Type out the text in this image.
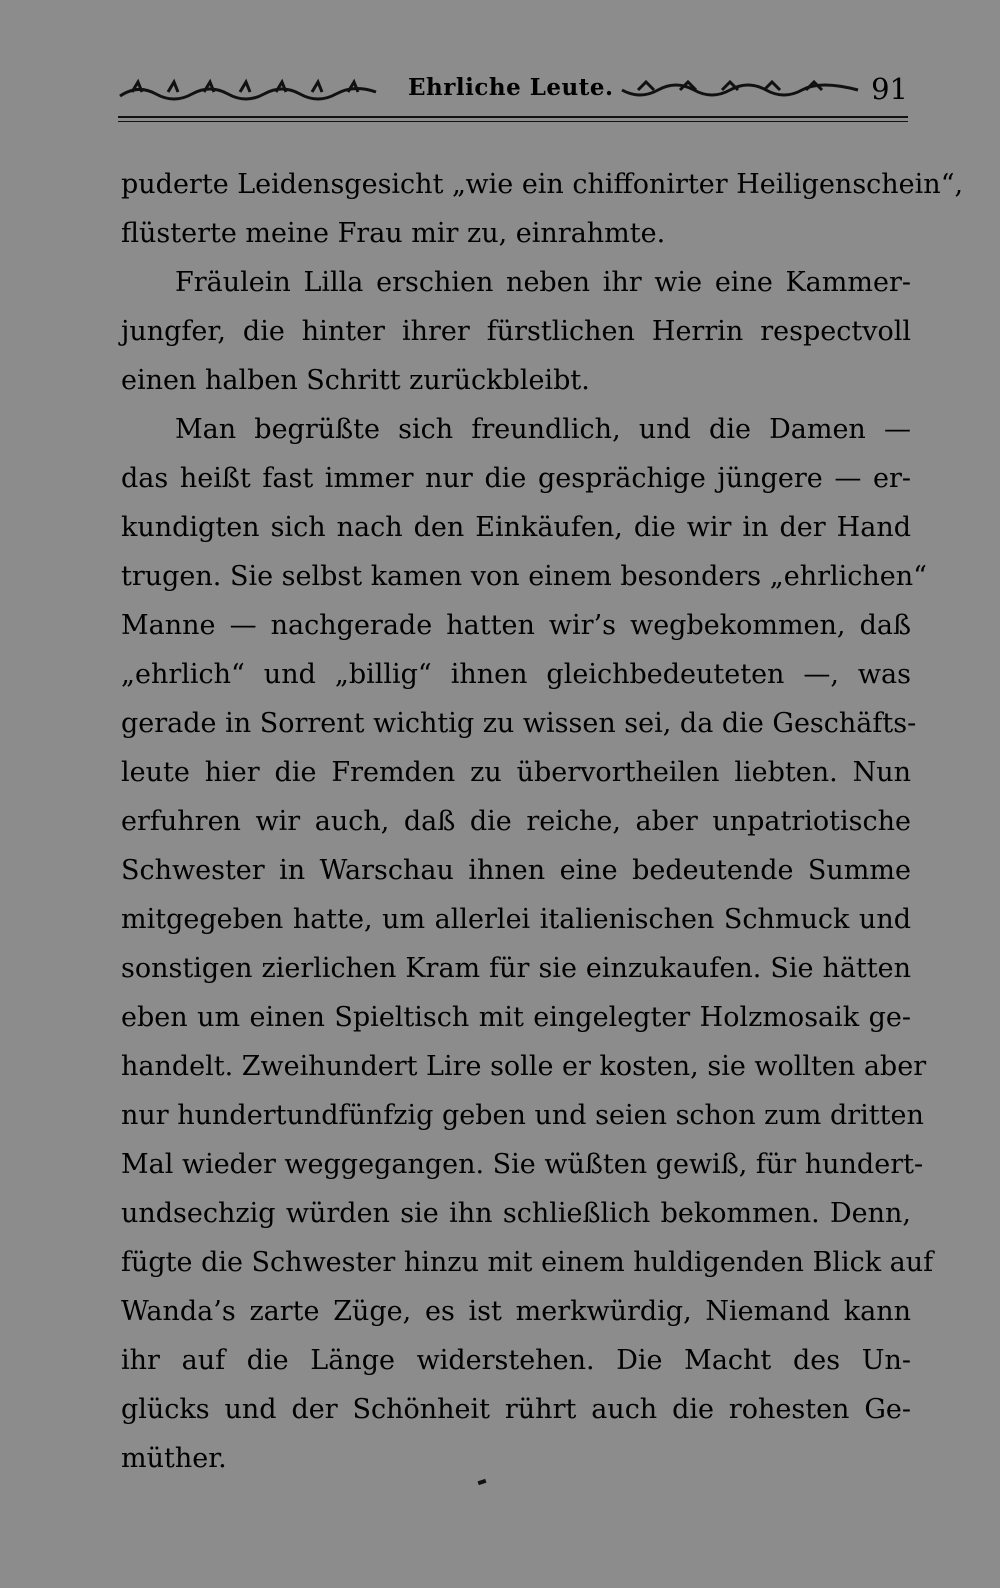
Ehrliche Leute.	91
puderte Leidensgesicht „wie ein chiffonirter Heiligenschein“,
flüsterte meine Frau mir zu, einrahmte.
Fräulein Lilla erschien neben ihr wie eine Kammer-
jungfer, die hinter ihrer fürstlichen Herrin respectvoll
einen halben Schritt zurückbleibt.
Man begrüßte sich freundlich, und die Damen —
das heißt fast immer nur die gesprächige jüngere — er-
kundigten sich nach den Einkäufen, die wir in der Hand
trugen. Sie selbst kamen von einem besonders „ehrlichen“
Manne — nachgerade hatten wir’s wegbekommen, daß
„ehrlich“ und „billig“ ihnen gleichbedeuteten —, was
gerade in Sorrent wichtig zu wissen sei, da die Geschäfts-
leute hier die Fremden zu übervortheilen liebten. Nun
erfuhren wir auch, daß die reiche, aber unpatriotische
Schwester in Warschau ihnen eine bedeutende Summe
mitgegeben hatte, um allerlei italienischen Schmuck und
sonstigen zierlichen Kram für sie einzukaufen. Sie hätten
eben um einen Spieltisch mit eingelegter Holzmosaik ge-
handelt. Zweihundert Lire solle er kosten, sie wollten aber
nur hundertundfünfzig geben und seien schon zum dritten
Mal wieder weggegangen. Sie wüßten gewiß, für hundert-
undsechzig würden sie ihn schließlich bekommen. Denn,
fügte die Schwester hinzu mit einem huldigenden Blick auf
Wanda’s zarte Züge, es ist merkwürdig, Niemand kann
ihr auf die Länge widerstehen. Die Macht des Un-
glücks und der Schönheit rührt auch die rohesten Ge-
müther.
